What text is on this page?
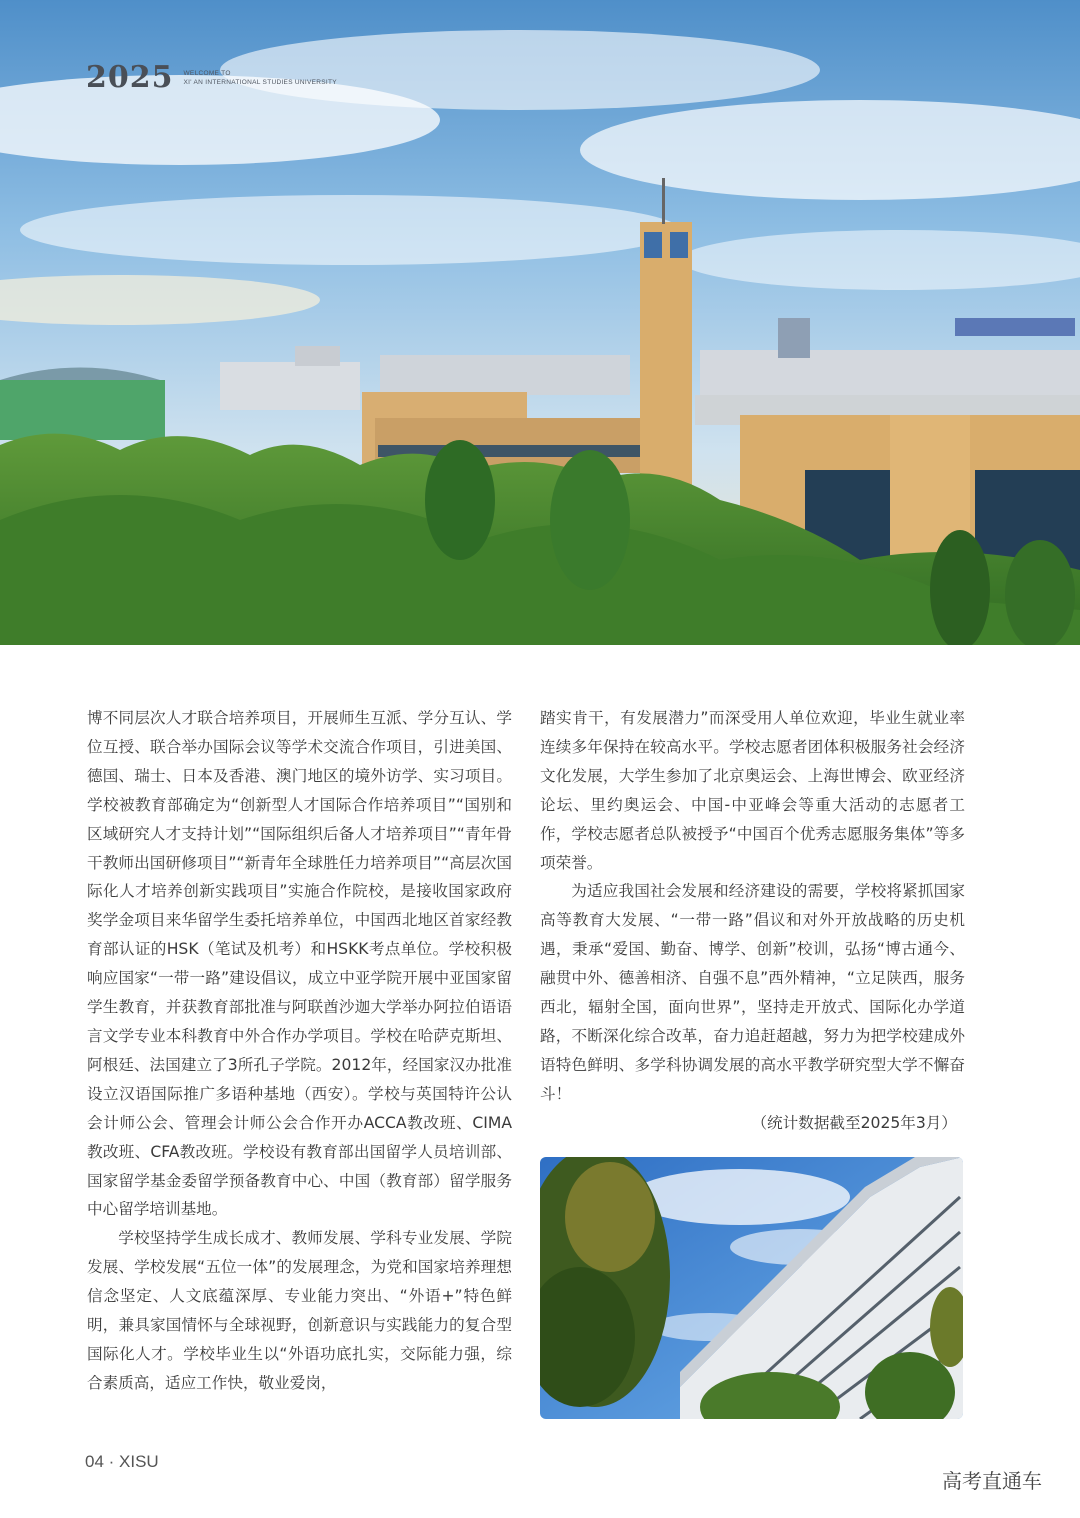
2025 WELCOME TO
XI' AN INTERNATIONAL STUDIES UNIVERSITY

博不同层次人才联合培养项目，开展师生互派、学分互认、学位互授、联合举办国际会议等学术交流合作项目，引进美国、德国、瑞士、日本及香港、澳门地区的境外访学、实习项目。学校被教育部确定为“创新型人才国际合作培养项目”“国别和区域研究人才支持计划”“国际组织后备人才培养项目”“青年骨干教师出国研修项目”“新青年全球胜任力培养项目”“高层次国际化人才培养创新实践项目”实施合作院校，是接收国家政府奖学金项目来华留学生委托培养单位，中国西北地区首家经教育部认证的HSK（笔试及机考）和HSKK考点单位。学校积极响应国家“一带一路”建设倡议，成立中亚学院开展中亚国家留学生教育，并获教育部批准与阿联酋沙迦大学举办阿拉伯语语言文学专业本科教育中外合作办学项目。学校在哈萨克斯坦、阿根廷、法国建立了3所孔子学院。2012年，经国家汉办批准设立汉语国际推广多语种基地（西安）。学校与英国特许公认会计师公会、管理会计师公会合作开办ACCA教改班、CIMA教改班、CFA教改班。学校设有教育部出国留学人员培训部、国家留学基金委留学预备教育中心、中国（教育部）留学服务中心留学培训基地。

学校坚持学生成长成才、教师发展、学科专业发展、学院发展、学校发展“五位一体”的发展理念，为党和国家培养理想信念坚定、人文底蕴深厚、专业能力突出、“外语+”特色鲜明，兼具家国情怀与全球视野，创新意识与实践能力的复合型国际化人才。学校毕业生以“外语功底扎实，交际能力强，综合素质高，适应工作快，敬业爱岗，

踏实肯干，有发展潜力”而深受用人单位欢迎，毕业生就业率连续多年保持在较高水平。学校志愿者团体积极服务社会经济文化发展，大学生参加了北京奥运会、上海世博会、欧亚经济论坛、里约奥运会、中国-中亚峰会等重大活动的志愿者工作，学校志愿者总队被授予“中国百个优秀志愿服务集体”等多项荣誉。

为适应我国社会发展和经济建设的需要，学校将紧抓国家高等教育大发展、“一带一路”倡议和对外开放战略的历史机遇，秉承“爱国、勤奋、博学、创新”校训，弘扬“博古通今、融贯中外、德善相济、自强不息”西外精神，“立足陕西，服务西北，辐射全国，面向世界”，坚持走开放式、国际化办学道路，不断深化综合改革，奋力追赶超越，努力为把学校建成外语特色鲜明、多学科协调发展的高水平教学研究型大学不懈奋斗！

（统计数据截至2025年3月）

04 · XISU
高考直通车
